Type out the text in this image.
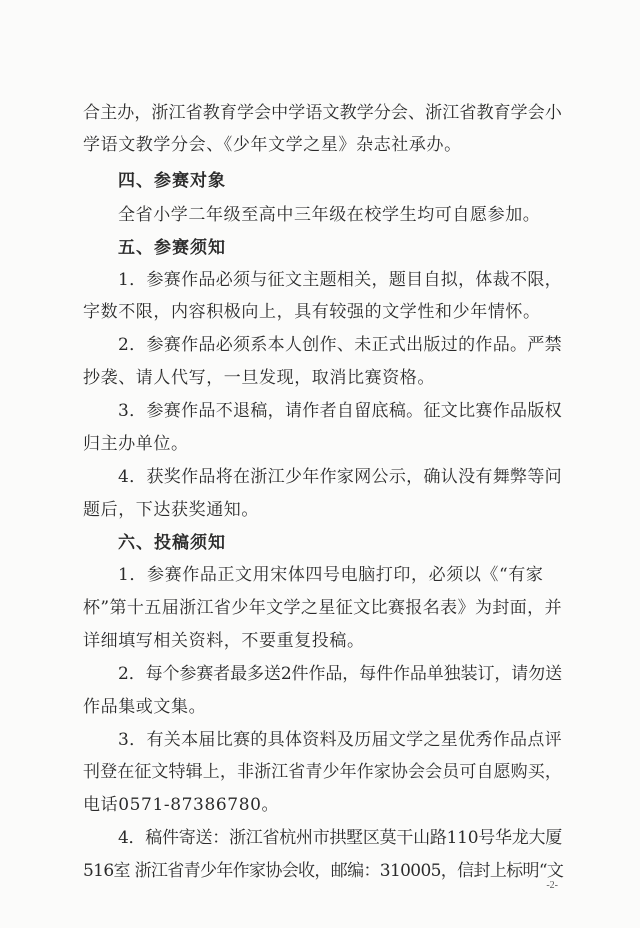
合主办，浙江省教育学会中学语文教学分会、浙江省教育学会小
学语文教学分会、《少年文学之星》杂志社承办。
四、参赛对象
全省小学二年级至高中三年级在校学生均可自愿参加。
五、参赛须知
1．参赛作品必须与征文主题相关，题目自拟，体裁不限，
字数不限，内容积极向上，具有较强的文学性和少年情怀。
2．参赛作品必须系本人创作、未正式出版过的作品。严禁
抄袭、请人代写，一旦发现，取消比赛资格。
3．参赛作品不退稿，请作者自留底稿。征文比赛作品版权
归主办单位。
4．获奖作品将在浙江少年作家网公示，确认没有舞弊等问
题后，下达获奖通知。
六、投稿须知
1．参赛作品正文用宋体四号电脑打印，必须以《“有家
杯”第十五届浙江省少年文学之星征文比赛报名表》为封面，并
详细填写相关资料，不要重复投稿。
2．每个参赛者最多送2件作品，每件作品单独装订，请勿送
作品集或文集。
3．有关本届比赛的具体资料及历届文学之星优秀作品点评
刊登在征文特辑上，非浙江省青少年作家协会会员可自愿购买，
电话0571-87386780。
4．稿件寄送：浙江省杭州市拱墅区莫干山路110号华龙大厦
516室 浙江省青少年作家协会收，邮编：310005，信封上标明“文
-2-
